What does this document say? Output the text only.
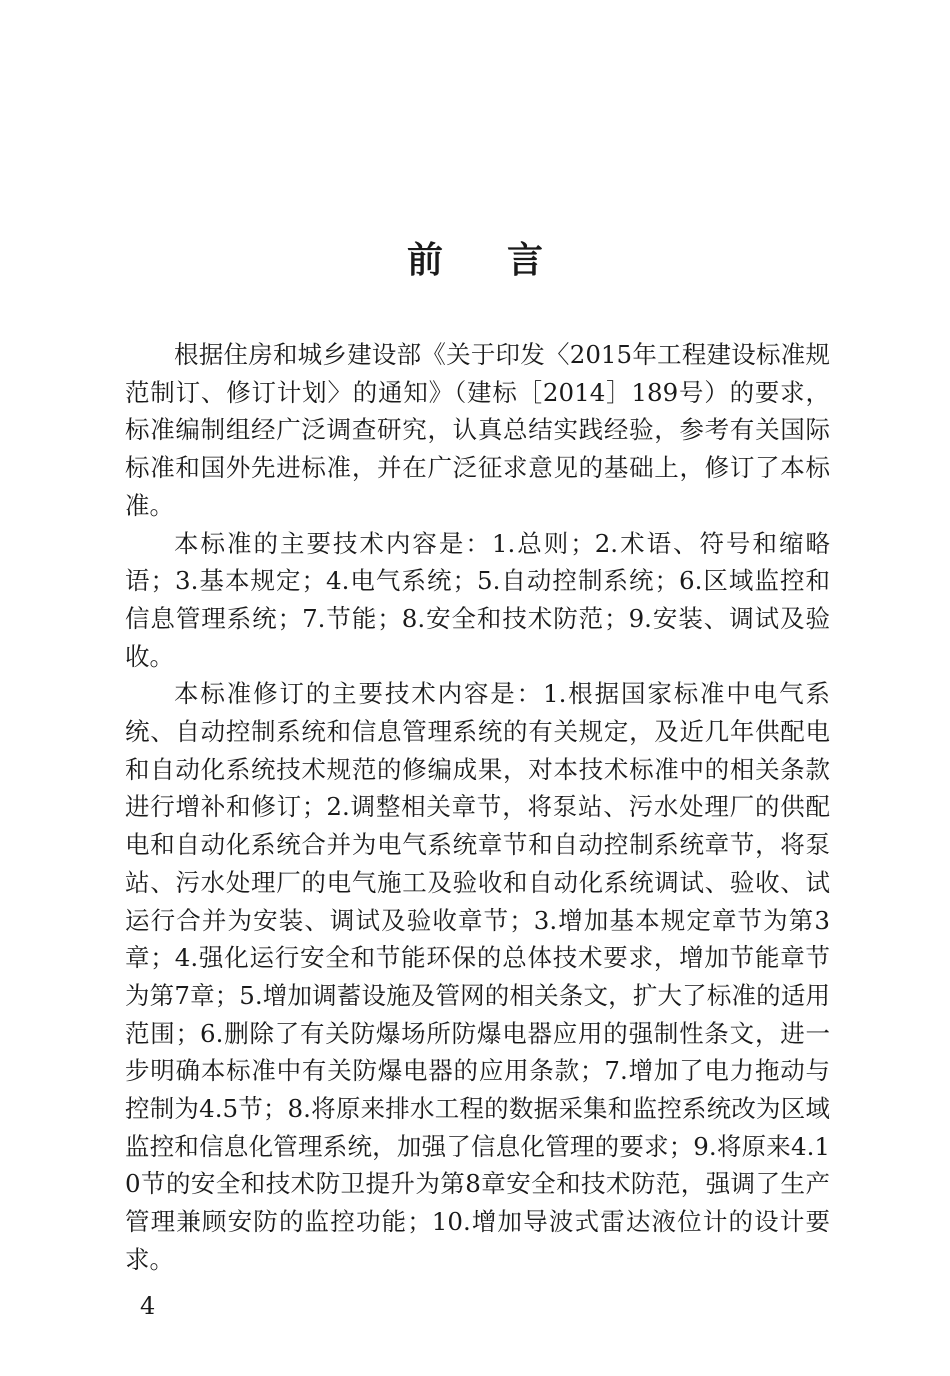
前言

根据住房和城乡建设部《关于印发〈2015年工程建设标准规范制订、修订计划〉的通知》（建标［2014］189号）的要求，标准编制组经广泛调查研究，认真总结实践经验，参考有关国际标准和国外先进标准，并在广泛征求意见的基础上，修订了本标准。

本标准的主要技术内容是：1.总则；2.术语、符号和缩略语；3.基本规定；4.电气系统；5.自动控制系统；6.区域监控和信息管理系统；7.节能；8.安全和技术防范；9.安装、调试及验收。

本标准修订的主要技术内容是：1.根据国家标准中电气系统、自动控制系统和信息管理系统的有关规定，及近几年供配电和自动化系统技术规范的修编成果，对本技术标准中的相关条款进行增补和修订；2.调整相关章节，将泵站、污水处理厂的供配电和自动化系统合并为电气系统章节和自动控制系统章节，将泵站、污水处理厂的电气施工及验收和自动化系统调试、验收、试运行合并为安装、调试及验收章节；3.增加基本规定章节为第3章；4.强化运行安全和节能环保的总体技术要求，增加节能章节为第7章；5.增加调蓄设施及管网的相关条文，扩大了标准的适用范围；6.删除了有关防爆场所防爆电器应用的强制性条文，进一步明确本标准中有关防爆电器的应用条款；7.增加了电力拖动与控制为4.5节；8.将原来排水工程的数据采集和监控系统改为区域监控和信息化管理系统，加强了信息化管理的要求；9.将原来4.10节的安全和技术防卫提升为第8章安全和技术防范，强调了生产管理兼顾安防的监控功能；10.增加导波式雷达液位计的设计要求。

4
